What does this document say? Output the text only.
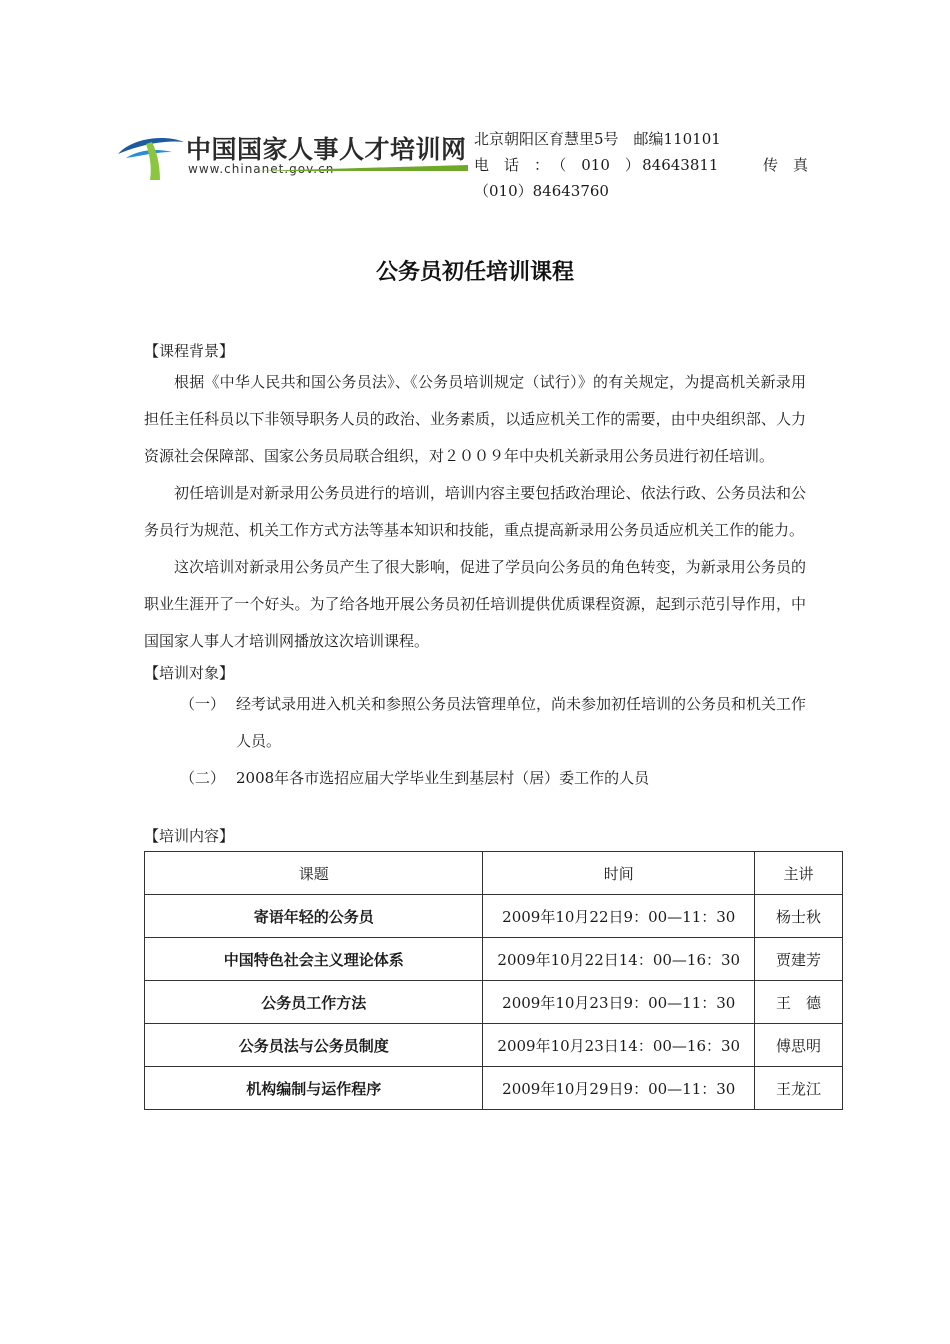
中国国家人事人才培训网
www.chinanet.gov.cn
北京朝阳区育慧里5号　邮编110101
电　话　： （　010　） 84643811	传　真
（010）84643760
公务员初任培训课程
【课程背景】

根据《中华人民共和国公务员法》、《公务员培训规定（试行）》的有关规定，为提高机关新录用担任主任科员以下非领导职务人员的政治、业务素质，以适应机关工作的需要，由中央组织部、人力资源社会保障部、国家公务员局联合组织，对２００９年中央机关新录用公务员进行初任培训。

初任培训是对新录用公务员进行的培训，培训内容主要包括政治理论、依法行政、公务员法和公务员行为规范、机关工作方式方法等基本知识和技能，重点提高新录用公务员适应机关工作的能力。

这次培训对新录用公务员产生了很大影响，促进了学员向公务员的角色转变，为新录用公务员的职业生涯开了一个好头。为了给各地开展公务员初任培训提供优质课程资源，起到示范引导作用，中国国家人事人才培训网播放这次培训课程。

【培训对象】
（一） 经考试录用进入机关和参照公务员法管理单位，尚未参加初任培训的公务员和机关工作人员。
（二） 2008年各市选招应届大学毕业生到基层村（居）委工作的人员
【培训内容】
课题	时间	主讲
寄语年轻的公务员	2009年10月22日9：00—11：30	杨士秋
中国特色社会主义理论体系	2009年10月22日14：00—16：30	贾建芳
公务员工作方法	2009年10月23日9：00—11：30	王　德
公务员法与公务员制度	2009年10月23日14：00—16：30	傅思明
机构编制与运作程序	2009年10月29日9：00—11：30	王龙江
